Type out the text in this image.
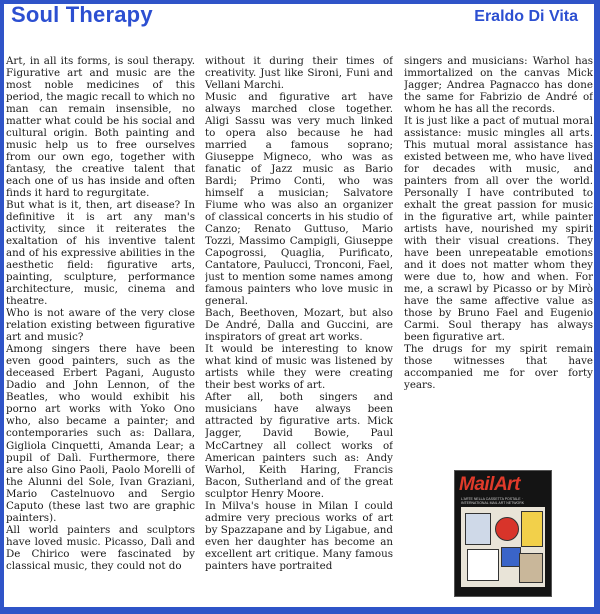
Soul Therapy	Eraldo Di Vita

Art, in all its forms, is soul therapy. Figurative art and music are the most noble medicines of this period, the magic recall to which no man can remain insensible, no matter what could be his social and cultural origin. Both painting and music help us to free ourselves from our own ego, together with fantasy, the creative talent that each one of us has inside and often finds it hard to regurgitate.

But what is it, then, art disease? In definitive it is art any man's activity, since it reiterates the exaltation of his inventive talent and of his expressive abilities in the aesthetic field: figurative arts, painting, sculpture, performance architecture, music, cinema and theatre.

Who is not aware of the very close relation existing between figurative art and music?

Among singers there have been even good painters, such as the deceased Erbert Pagani, Augusto Dadio and John Lennon, of the Beatles, who would exhibit his porno art works with Yoko Ono who, also became a painter; and contemporaries such as: Dallara, Gigliola Cinquetti, Amanda Lear; a pupil of Dalì. Furthermore, there are also Gino Paoli, Paolo Morelli of the Alunni del Sole, Ivan Graziani, Mario Castelnuovo and Sergio Caputo (these last two are graphic painters).

All world painters and sculptors have loved music. Picasso, Dalì and De Chirico were fascinated by classical music, they could not do

without it during their times of creativity. Just like Sironi, Funi and Vellani Marchi.

Music and figurative art have always marched close together. Aligi Sassu was very much linked to opera also because he had married a famous soprano; Giuseppe Migneco, who was as fanatic of Jazz music as Bario Bardi; Primo Conti, who was himself a musician; Salvatore Fiume who was also an organizer of classical concerts in his studio of Canzo; Renato Guttuso, Mario Tozzi, Massimo Campigli, Giuseppe Capogrossi, Quaglia, Purificato, Cantatore, Paulucci, Tronconi, Fael, just to mention some names among famous painters who love music in general.

Bach, Beethoven, Mozart, but also De André, Dalla and Guccini, are inspirators of great art works.

It would be interesting to know what kind of music was listened by artists while they were creating their best works of art.

After all, both singers and musicians have always been attracted by figurative arts. Mick Jagger, David Bowie, Paul McCartney all collect works of American painters such as: Andy Warhol, Keith Haring, Francis Bacon, Sutherland and of the great sculptor Henry Moore.

In Milva's house in Milan I could admire very precious works of art by Spazzapane and by Ligabue, and even her daughter has become an excellent art critique. Many famous painters have portraited

singers and musicians: Warhol has immortalized on the canvas Mick Jagger; Andrea Pagnacco has done the same for Fabrizio de André of whom he has all the records.

It is just like a pact of mutual moral assistance: music mingles all arts. This mutual moral assistance has existed between me, who have lived for decades with music, and painters from all over the world. Personally I have contributed to exhalt the great passion for music in the figurative art, while painter artists have, nourished my spirit with their visual creations. They have been unrepeatable emotions and it does not matter whom they were due to, how and when. For me, a scrawl by Picasso or by Mirò have the same affective value as those by Bruno Fael and Eugenio Carmi. Soul therapy has always been figurative art.

The drugs for my spirit remain those witnesses that have accompanied me for over forty years.

MailArt
L'ARTE NELLA CASSETTA POSTALE · INTERNATIONAL MAIL ART NETWORK
